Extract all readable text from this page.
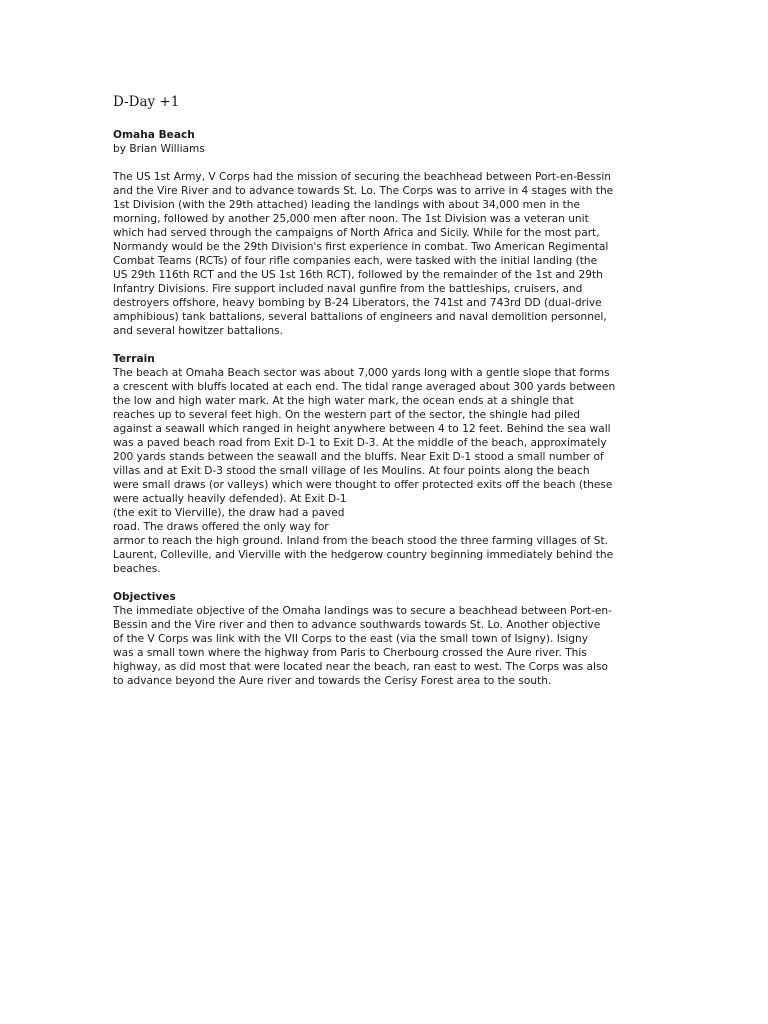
D-Day +1
Omaha Beach
by Brian Williams
The US 1st Army, V Corps had the mission of securing the beachhead between Port-en-Bessin
and the Vire River and to advance towards St. Lo. The Corps was to arrive in 4 stages with the
1st Division (with the 29th attached) leading the landings with about 34,000 men in the
morning, followed by another 25,000 men after noon. The 1st Division was a veteran unit
which had served through the campaigns of North Africa and Sicily. While for the most part,
Normandy would be the 29th Division's first experience in combat. Two American Regimental
Combat Teams (RCTs) of four rifle companies each, were tasked with the initial landing (the
US 29th 116th RCT and the US 1st 16th RCT), followed by the remainder of the 1st and 29th
Infantry Divisions. Fire support included naval gunfire from the battleships, cruisers, and
destroyers offshore, heavy bombing by B-24 Liberators, the 741st and 743rd DD (dual-drive
amphibious) tank battalions, several battalions of engineers and naval demolition personnel,
and several howitzer battalions.
Terrain
The beach at Omaha Beach sector was about 7,000 yards long with a gentle slope that forms
a crescent with bluffs located at each end. The tidal range averaged about 300 yards between
the low and high water mark. At the high water mark, the ocean ends at a shingle that
reaches up to several feet high. On the western part of the sector, the shingle had piled
against a seawall which ranged in height anywhere between 4 to 12 feet. Behind the sea wall
was a paved beach road from Exit D-1 to Exit D-3. At the middle of the beach, approximately
200 yards stands between the seawall and the bluffs. Near Exit D-1 stood a small number of
villas and at Exit D-3 stood the small village of les Moulins. At four points along the beach
were small draws (or valleys) which were thought to offer protected exits off the beach (these
were actually heavily defended). At Exit D-1
(the exit to Vierville), the draw had a paved
road. The draws offered the only way for
armor to reach the high ground. Inland from the beach stood the three farming villages of St.
Laurent, Colleville, and Vierville with the hedgerow country beginning immediately behind the
beaches.
Objectives
The immediate objective of the Omaha landings was to secure a beachhead between Port-en-
Bessin and the Vire river and then to advance southwards towards St. Lo. Another objective
of the V Corps was link with the VII Corps to the east (via the small town of Isigny). Isigny
was a small town where the highway from Paris to Cherbourg crossed the Aure river. This
highway, as did most that were located near the beach, ran east to west. The Corps was also
to advance beyond the Aure river and towards the Cerisy Forest area to the south.
